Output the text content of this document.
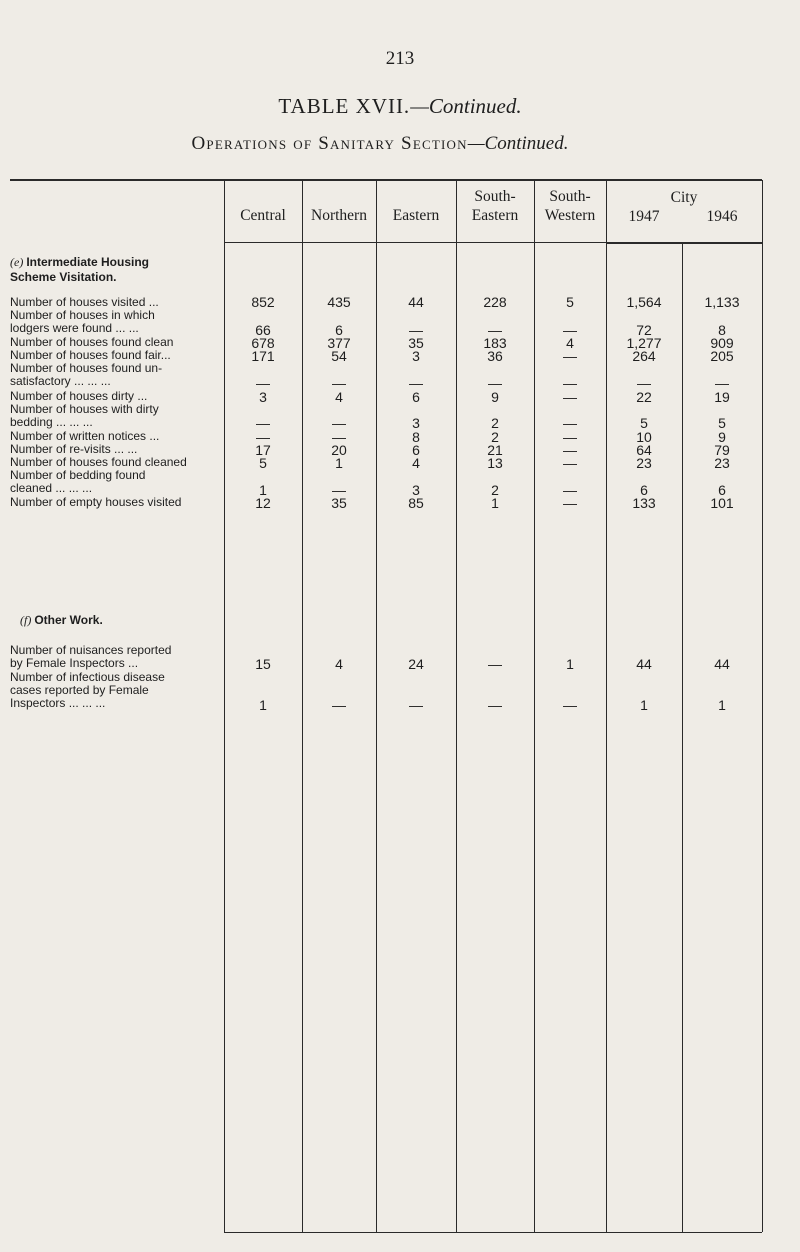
213
TABLE XVII.—Continued.
Operations of Sanitary Section—Continued.
Central	Northern	Eastern
South-
Eastern
South-
Western
City
1947	1946
(e) Intermediate Housing
Scheme Visitation.
Number of houses visited ...	852	435	44	228	5	1,564	1,133
Number of houses in which
lodgers were found ... ...	66	6	—	—	—	72	8
Number of houses found clean	678	377	35	183	4	1,277	909
Number of houses found fair...	171	54	3	36	—	264	205
Number of houses found un-
satisfactory ... ... ...	—	—	—	—	—	—	—
Number of houses dirty ...	3	4	6	9	—	22	19
Number of houses with dirty
bedding ... ... ...	—	—	3	2	—	5	5
Number of written notices ...	—	—	8	2	—	10	9
Number of re-visits ... ...	17	20	6	21	—	64	79
Number of houses found cleaned	5	1	4	13	—	23	23
Number of bedding found
cleaned ... ... ...	1	—	3	2	—	6	6
Number of empty houses visited	12	35	85	1	—	133	101
(f) Other Work.
Number of nuisances reported
by Female Inspectors ...	15	4	24	—	1	44	44
Number of infectious disease
cases reported by Female
Inspectors ... ... ...	1	—	—	—	—	1	1
